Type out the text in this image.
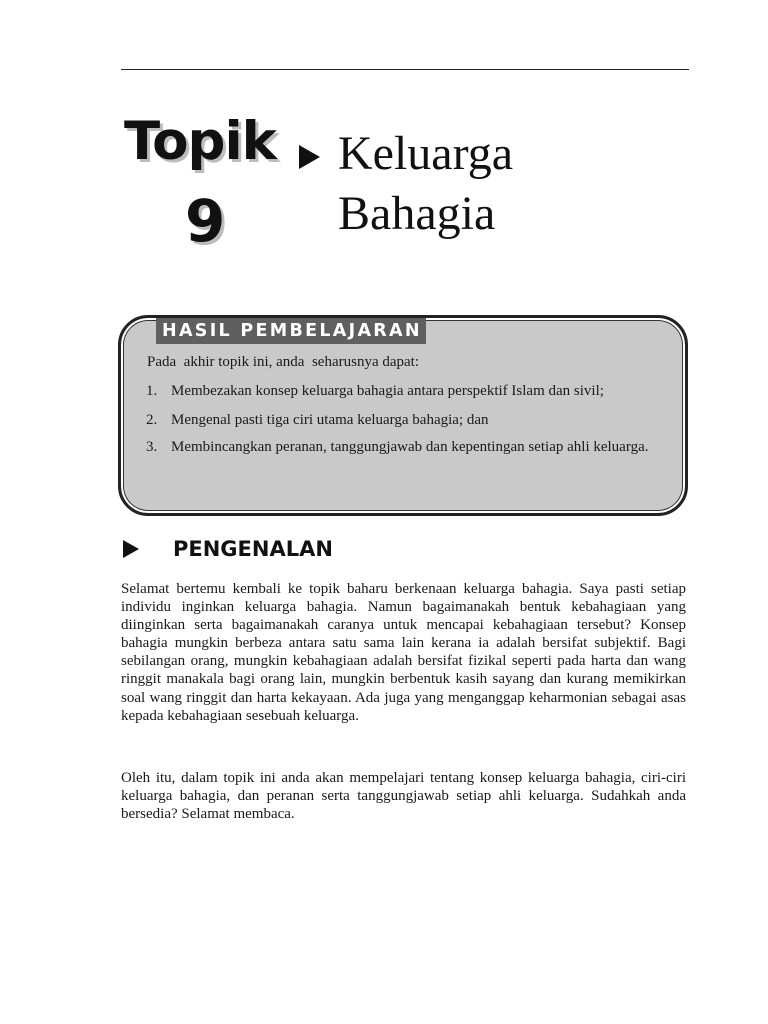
Topik
9
Keluarga Bahagia
HASIL PEMBELAJARAN
Pada  akhir topik ini, anda  seharusnya dapat:
1. Membezakan konsep keluarga bahagia antara perspektif Islam dan sivil;
2. Mengenal pasti tiga ciri utama keluarga bahagia; dan
3. Membincangkan peranan, tanggungjawab dan kepentingan setiap ahli keluarga.
PENGENALAN

Selamat bertemu kembali ke topik baharu berkenaan keluarga bahagia. Saya pasti setiap individu inginkan keluarga bahagia. Namun bagaimanakah bentuk kebahagiaan yang diinginkan serta bagaimanakah caranya untuk mencapai kebahagiaan tersebut? Konsep bahagia mungkin berbeza antara satu sama lain kerana ia adalah bersifat subjektif. Bagi sebilangan orang, mungkin kebahagiaan adalah bersifat fizikal seperti pada harta dan wang ringgit manakala bagi orang lain, mungkin berbentuk kasih sayang dan kurang memikirkan soal wang ringgit dan harta kekayaan. Ada juga yang menganggap keharmonian sebagai asas kepada kebahagiaan sesebuah keluarga.

Oleh itu, dalam topik ini anda akan mempelajari tentang konsep keluarga bahagia, ciri-ciri keluarga bahagia, dan peranan serta tanggungjawab setiap ahli keluarga. Sudahkah anda bersedia? Selamat membaca.
